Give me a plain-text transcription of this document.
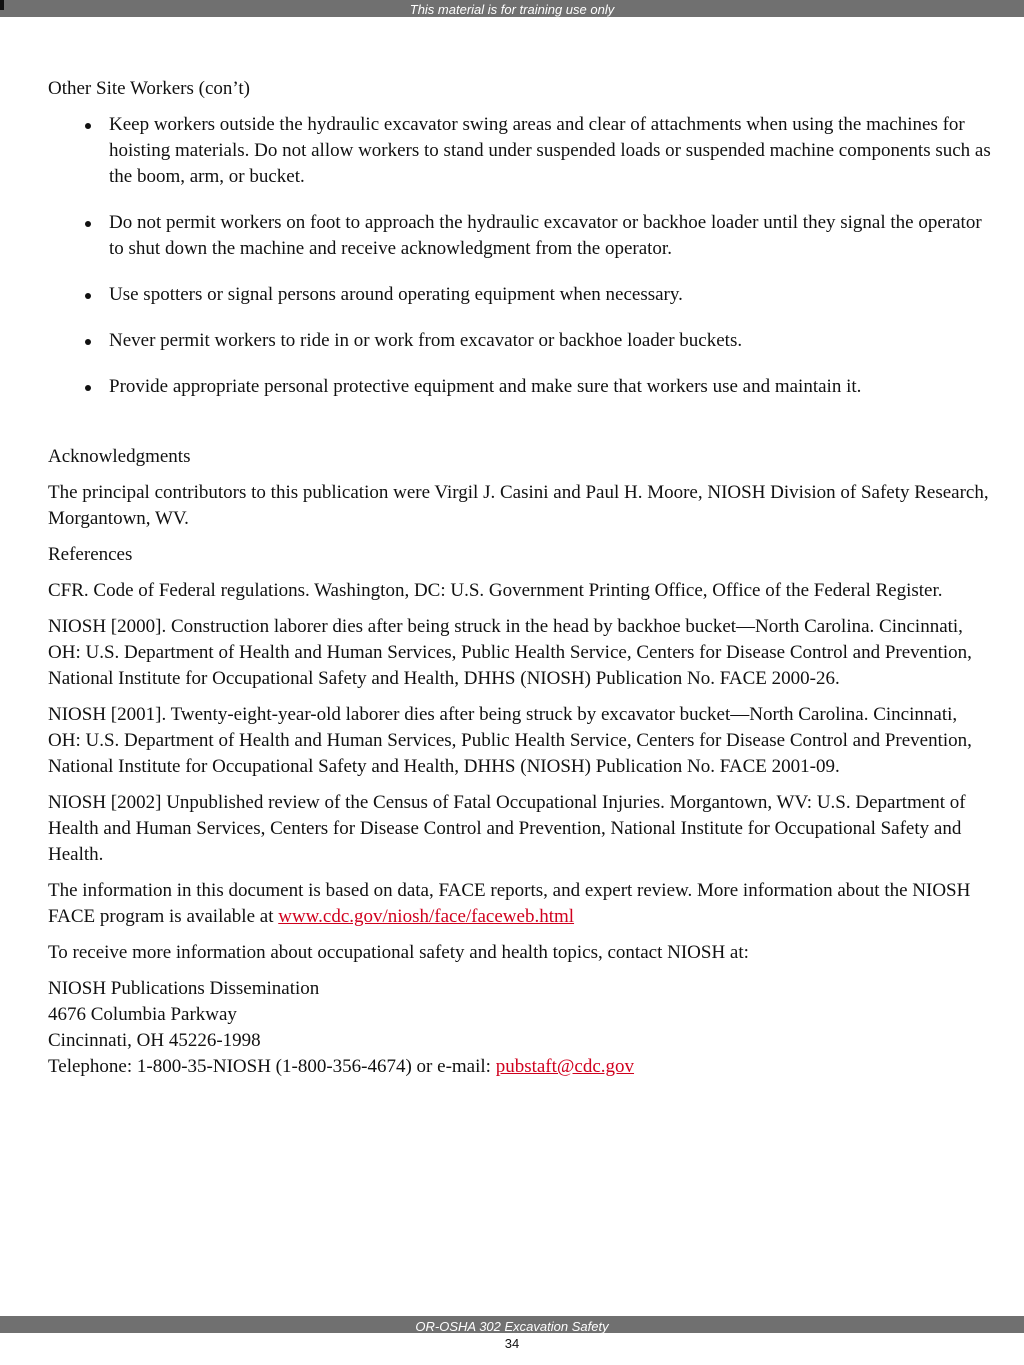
This material is for training use only

Other Site Workers (con’t)

Keep workers outside the hydraulic excavator swing areas and clear of attachments when using the machines for hoisting materials. Do not allow workers to stand under suspended loads or suspended machine components such as the boom, arm, or bucket.
Do not permit workers on foot to approach the hydraulic excavator or backhoe loader until they signal the operator to shut down the machine and receive acknowledgment from the operator.
Use spotters or signal persons around operating equipment when necessary.
Never permit workers to ride in or work from excavator or backhoe loader buckets.
Provide appropriate personal protective equipment and make sure that workers use and maintain it.

Acknowledgments

The principal contributors to this publication were Virgil J. Casini and Paul H. Moore, NIOSH Division of Safety Research, Morgantown, WV.

References

CFR. Code of Federal regulations. Washington, DC: U.S. Government Printing Office, Office of the Federal Register.

NIOSH [2000]. Construction laborer dies after being struck in the head by backhoe bucket—North Carolina. Cincinnati, OH: U.S. Department of Health and Human Services, Public Health Service, Centers for Disease Control and Prevention, National Institute for Occupational Safety and Health, DHHS (NIOSH) Publication No. FACE 2000-26.

NIOSH [2001]. Twenty-eight-year-old laborer dies after being struck by excavator bucket—North Carolina. Cincinnati, OH: U.S. Department of Health and Human Services, Public Health Service, Centers for Disease Control and Prevention, National Institute for Occupational Safety and Health, DHHS (NIOSH) Publication No. FACE 2001-09.

NIOSH [2002] Unpublished review of the Census of Fatal Occupational Injuries. Morgantown, WV: U.S. Department of Health and Human Services, Centers for Disease Control and Prevention, National Institute for Occupational Safety and Health.

The information in this document is based on data, FACE reports, and expert review. More information about the NIOSH FACE program is available at www.cdc.gov/niosh/face/faceweb.html

To receive more information about occupational safety and health topics, contact NIOSH at:

NIOSH Publications Dissemination
4676 Columbia Parkway
Cincinnati, OH 45226-1998
Telephone: 1-800-35-NIOSH (1-800-356-4674) or e-mail: pubstaft@cdc.gov

OR-OSHA 302 Excavation Safety
34
